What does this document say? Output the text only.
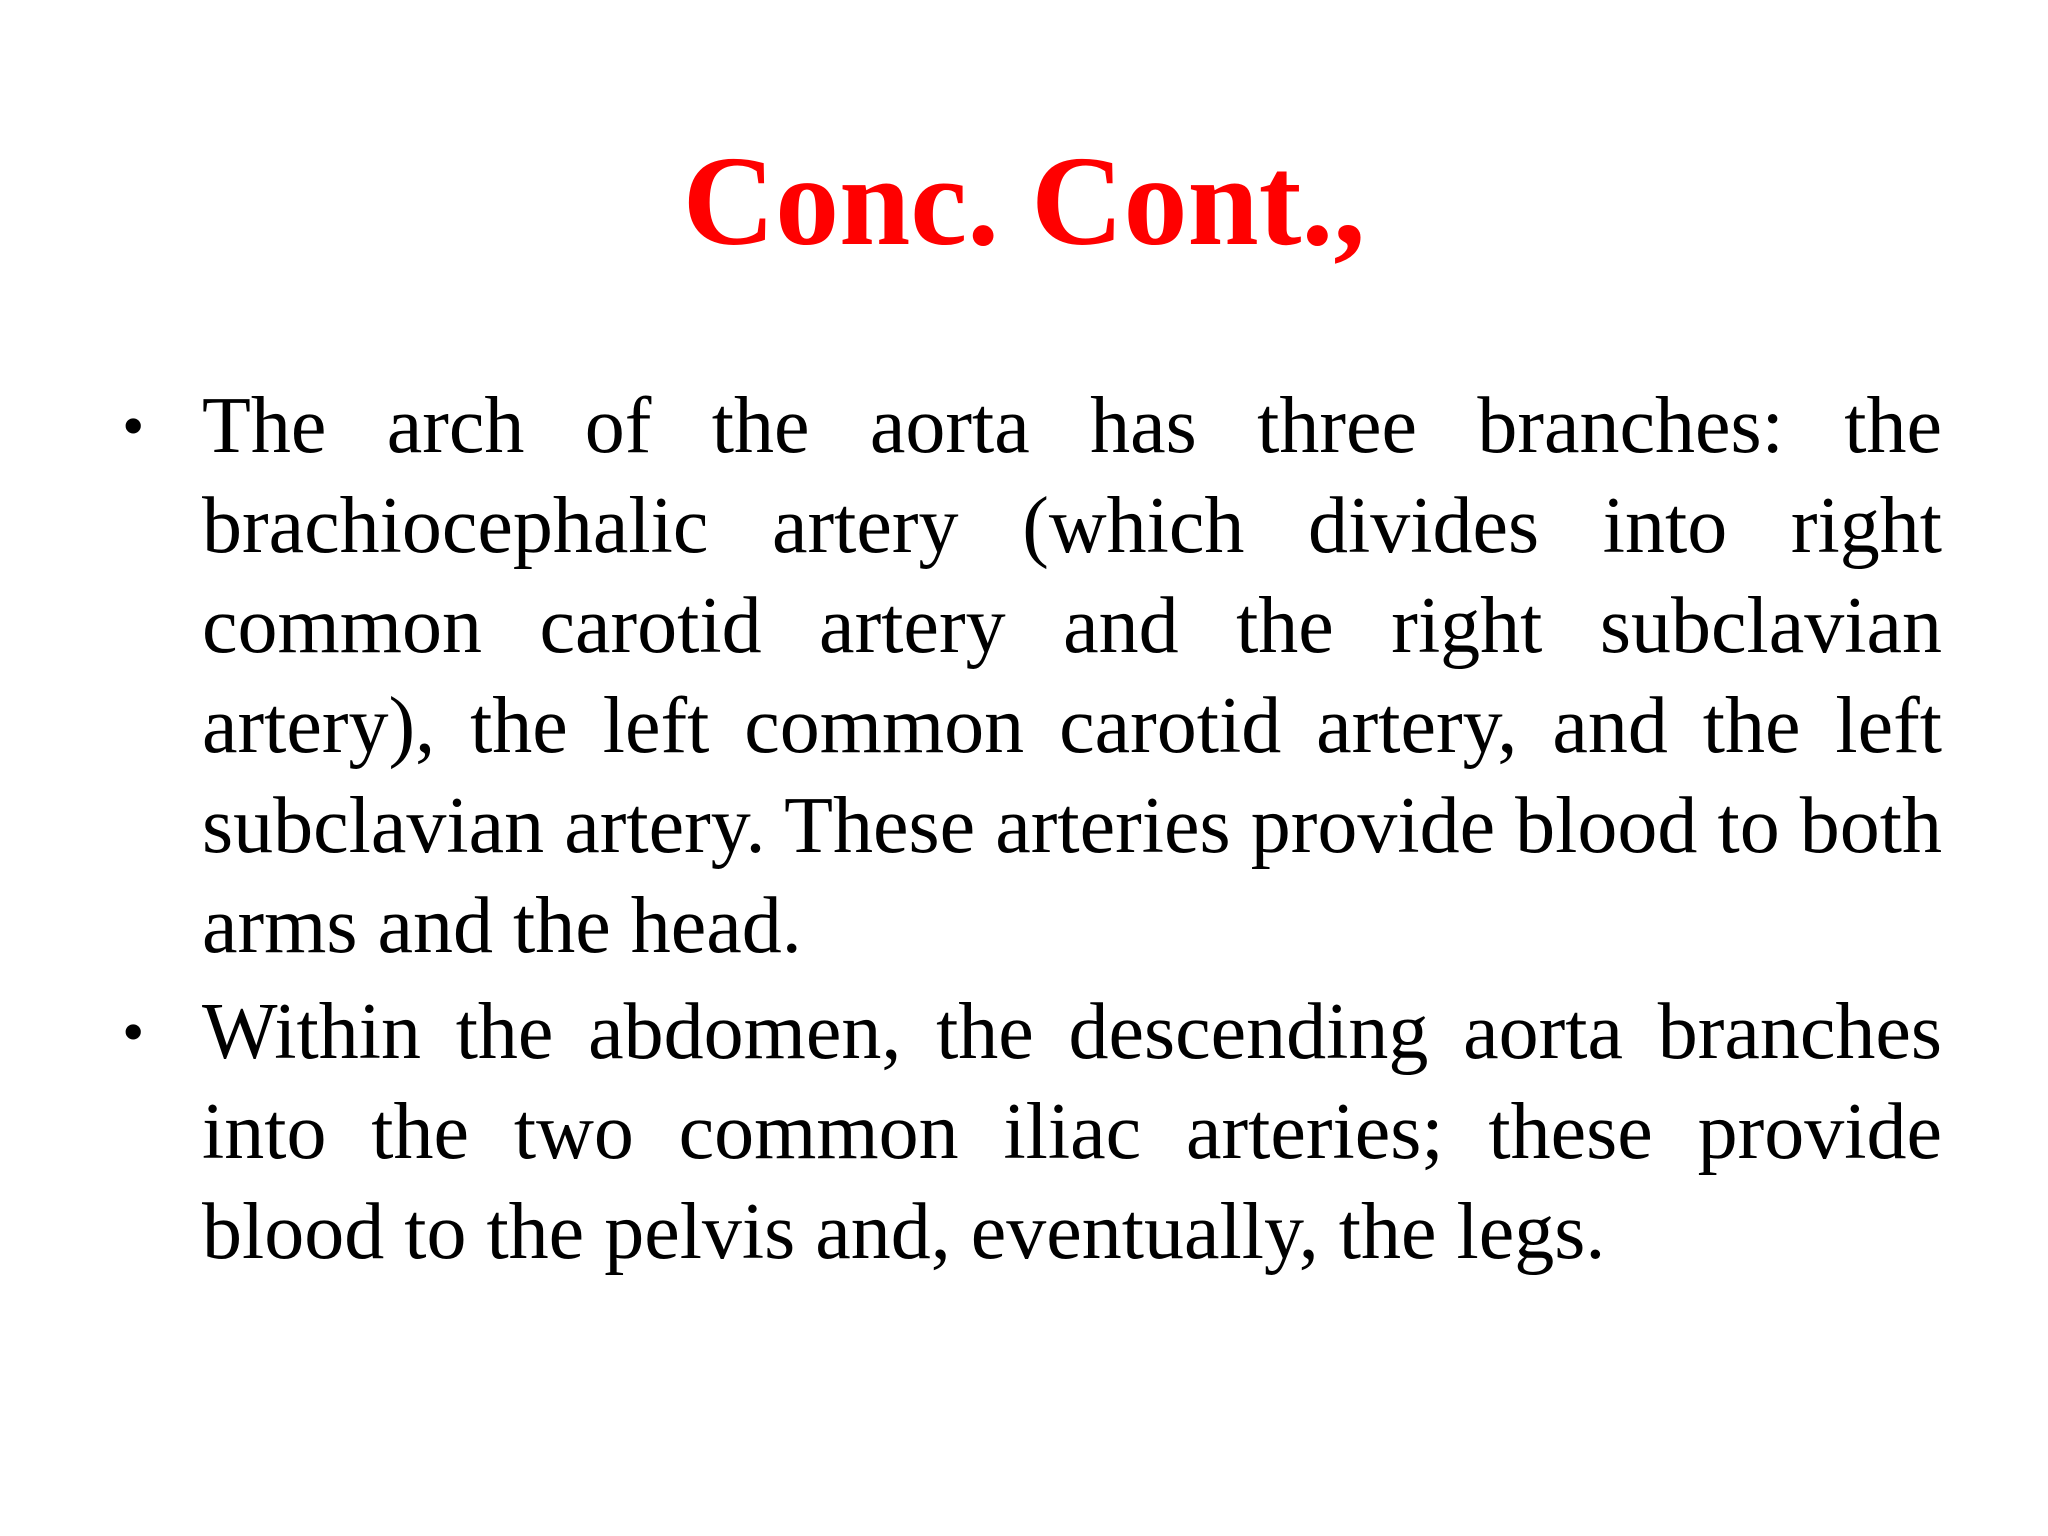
Conc. Cont.,
• The arch of the aorta has three branches: the brachiocephalic artery (which divides into right common carotid artery and the right subclavian artery), the left common carotid artery, and the left subclavian artery. These arteries provide blood to both arms and the head.
• Within the abdomen, the descending aorta branches into the two common iliac arteries; these provide blood to the pelvis and, eventually, the legs.
